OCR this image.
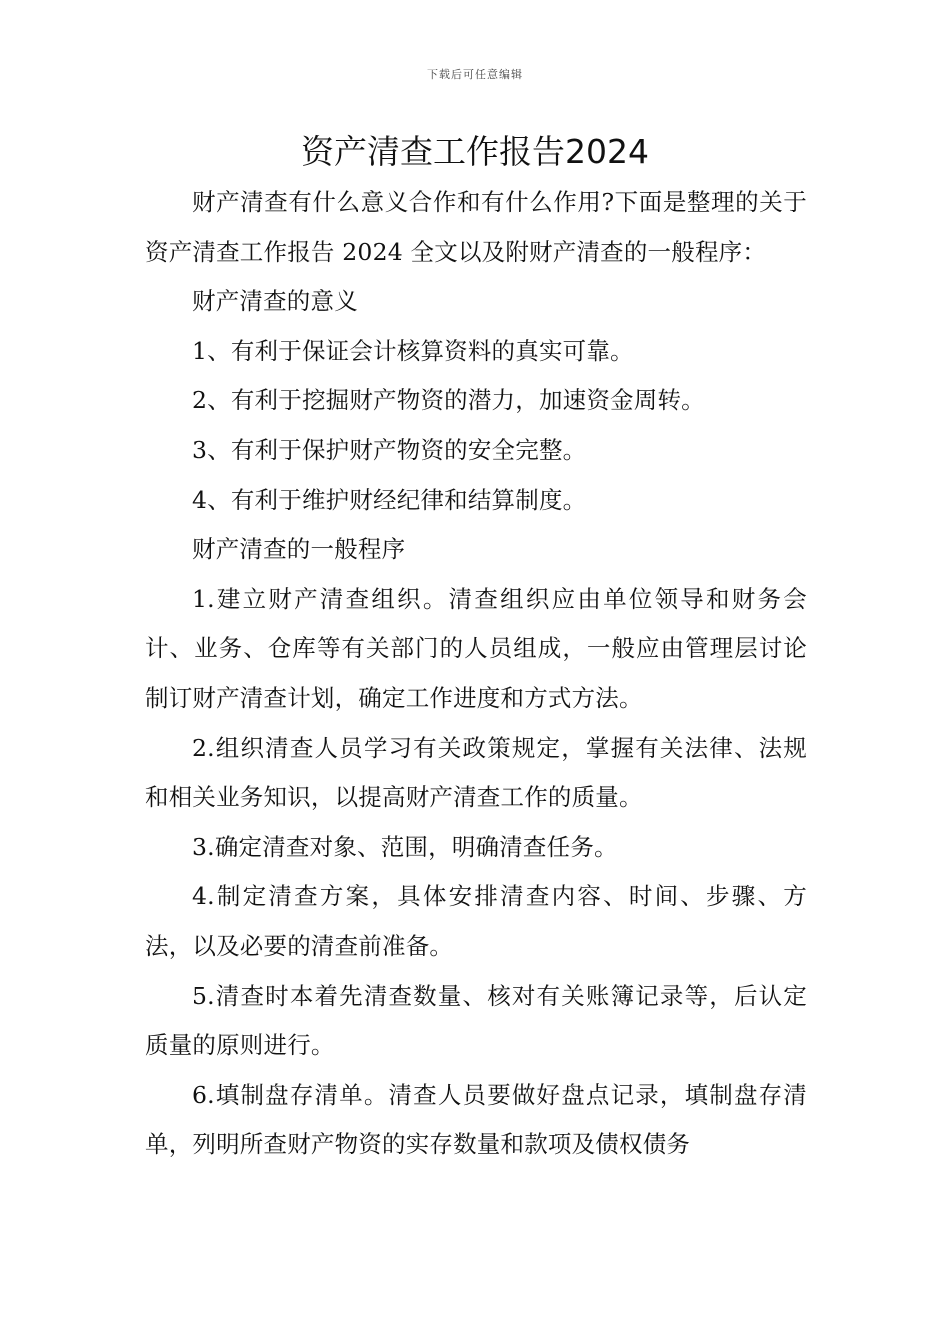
下载后可任意编辑
资产清查工作报告2024

财产清查有什么意义合作和有什么作用?下面是整理的关于资产清查工作报告 2024 全文以及附财产清查的一般程序：

财产清查的意义

1、有利于保证会计核算资料的真实可靠。

2、有利于挖掘财产物资的潜力，加速资金周转。

3、有利于保护财产物资的安全完整。

4、有利于维护财经纪律和结算制度。

财产清查的一般程序

1.建立财产清查组织。清查组织应由单位领导和财务会计、业务、仓库等有关部门的人员组成，一般应由管理层讨论制订财产清查计划，确定工作进度和方式方法。

2.组织清查人员学习有关政策规定，掌握有关法律、法规和相关业务知识，以提高财产清查工作的质量。

3.确定清查对象、范围，明确清查任务。

4.制定清查方案，具体安排清查内容、时间、步骤、方法，以及必要的清查前准备。

5.清查时本着先清查数量、核对有关账簿记录等，后认定质量的原则进行。

6.填制盘存清单。清查人员要做好盘点记录，填制盘存清单，列明所查财产物资的实存数量和款项及债权债务
